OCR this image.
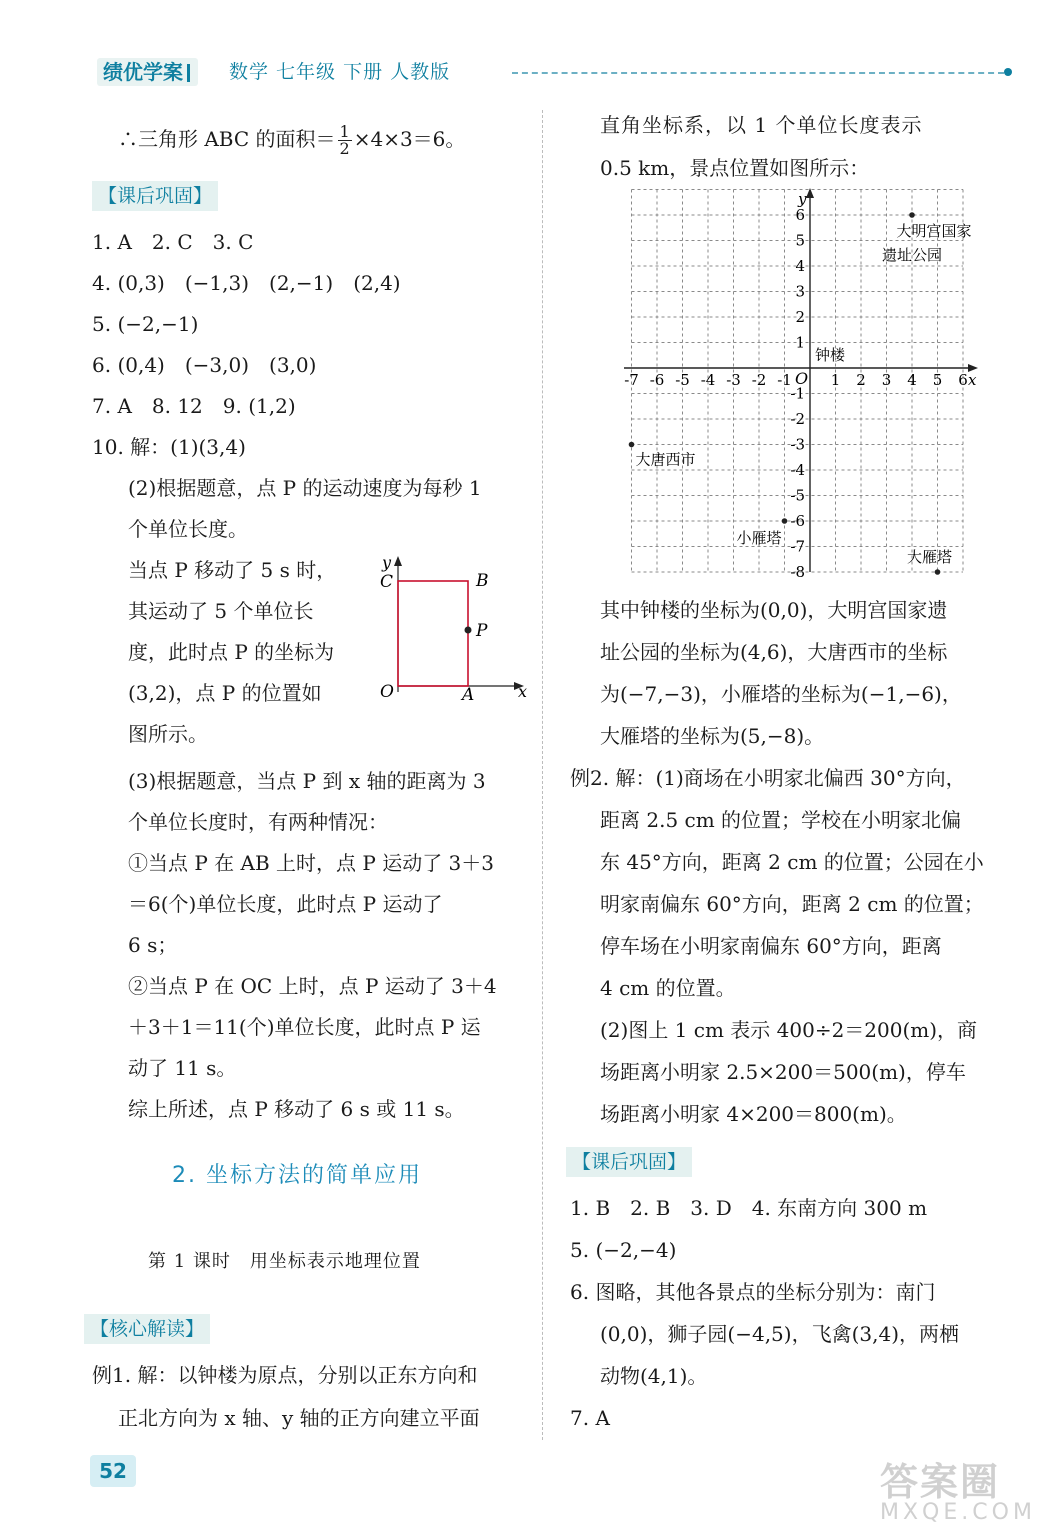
绩优学案	数学 七年级 下册 人教版
∴三角形 ABC 的面积＝ $\frac{1}{2} \times 4\times 3=6$。
【课后巩固】
1. A　2. C　3. C
4. (0,3)　(−1,3)　(2,−1)　(2,4)
5. (−2,−1)
6. (0,4)　(−3,0)　(3,0)
7. A　8. 12　9. (1,2)
10. 解：(1)(3,4)
(2)根据题意，点 P 的运动速度为每秒 1
个单位长度。
当点 P 移动了 5 s 时，
其运动了 5 个单位长
度，此时点 P 的坐标为
(3,2)，点 P 的位置如
图所示。
y
C	B
P
O	A	x
(3)根据题意，当点 P 到 x 轴的距离为 3
个单位长度时，有两种情况：
①当点 P 在 AB 上时，点 P 运动了 3＋3
＝6(个)单位长度，此时点 P 运动了
6 s；
②当点 P 在 OC 上时，点 P 运动了 3＋4
＋3＋1＝11(个)单位长度，此时点 P 运
动了 11 s。
综上所述，点 P 移动了 6 s 或 11 s。
2. 坐标方法的简单应用
第 1 课时　用坐标表示地理位置
【核心解读】
例1. 解：以钟楼为原点，分别以正东方向和
正北方向为 x 轴、y 轴的正方向建立平面
直角坐标系，以 1 个单位长度表示
0.5 km，景点位置如图所示：
y
x
O
-7 -6 -5 -4 -3 -2 -1	1 2 3 4 5 6
6
5
4
3
2
1
-1
-2
-3
-4
-5
-6
-7
-8
钟楼
大明宫国家
遗址公园
大唐西市
小雁塔
大雁塔
其中钟楼的坐标为(0,0)，大明宫国家遗
址公园的坐标为(4,6)，大唐西市的坐标
为(−7,−3)，小雁塔的坐标为(−1,−6)，
大雁塔的坐标为(5,−8)。
例2. 解：(1)商场在小明家北偏西 30°方向，
距离 2.5 cm 的位置；学校在小明家北偏
东 45°方向，距离 2 cm 的位置；公园在小
明家南偏东 60°方向，距离 2 cm 的位置；
停车场在小明家南偏东 60°方向，距离
4 cm 的位置。
(2)图上 1 cm 表示 400÷2＝200(m)，商
场距离小明家 2.5×200＝500(m)，停车
场距离小明家 4×200＝800(m)。
【课后巩固】
1. B　2. B　3. D　4. 东南方向 300 m
5. (−2,−4)
6. 图略，其他各景点的坐标分别为：南门
(0,0)，狮子园(−4,5)，飞禽(3,4)，两栖
动物(4,1)。
7. A
52	答案圈
MXQE.COM
